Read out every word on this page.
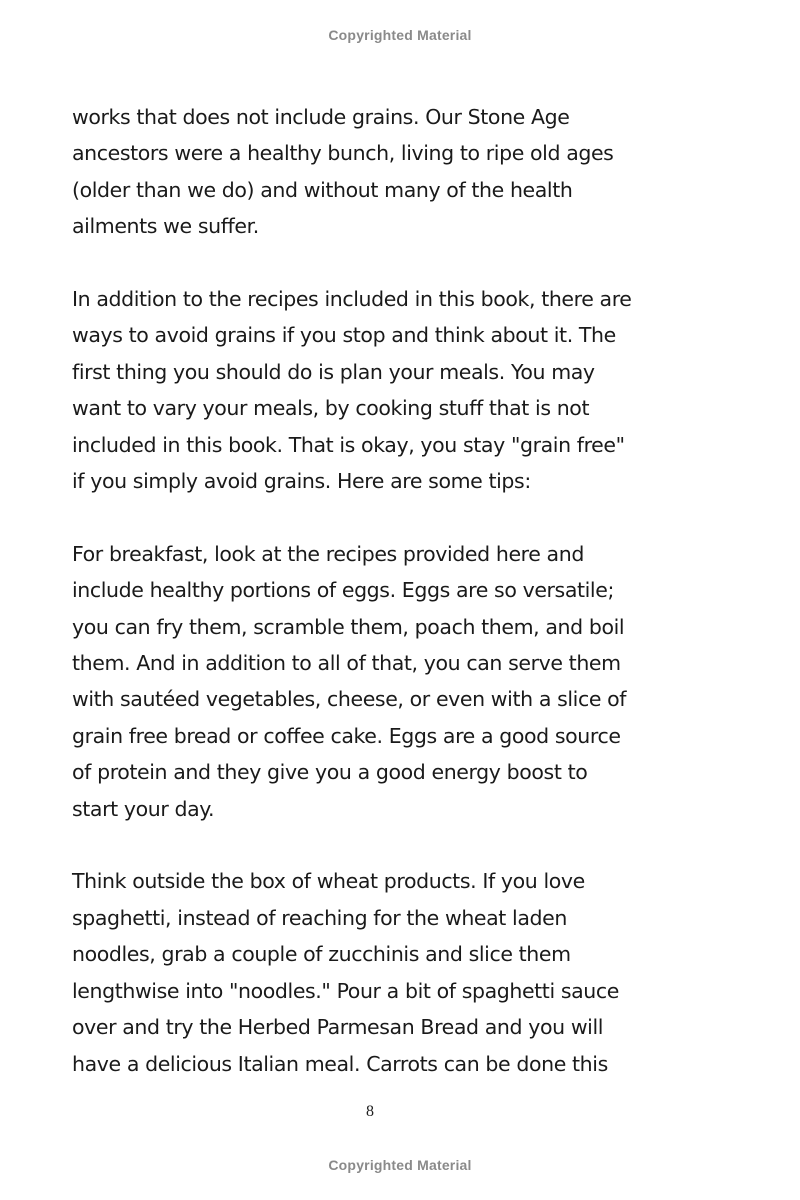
Copyrighted Material

works that does not include grains. Our Stone Age
ancestors were a healthy bunch, living to ripe old ages
(older than we do) and without many of the health
ailments we suffer.

In addition to the recipes included in this book, there are
ways to avoid grains if you stop and think about it. The
first thing you should do is plan your meals. You may
want to vary your meals, by cooking stuff that is not
included in this book. That is okay, you stay "grain free"
if you simply avoid grains. Here are some tips:

For breakfast, look at the recipes provided here and
include healthy portions of eggs. Eggs are so versatile;
you can fry them, scramble them, poach them, and boil
them. And in addition to all of that, you can serve them
with sautéed vegetables, cheese, or even with a slice of
grain free bread or coffee cake. Eggs are a good source
of protein and they give you a good energy boost to
start your day.

Think outside the box of wheat products. If you love
spaghetti, instead of reaching for the wheat laden
noodles, grab a couple of zucchinis and slice them
lengthwise into "noodles." Pour a bit of spaghetti sauce
over and try the Herbed Parmesan Bread and you will
have a delicious Italian meal. Carrots can be done this

8
Copyrighted Material
